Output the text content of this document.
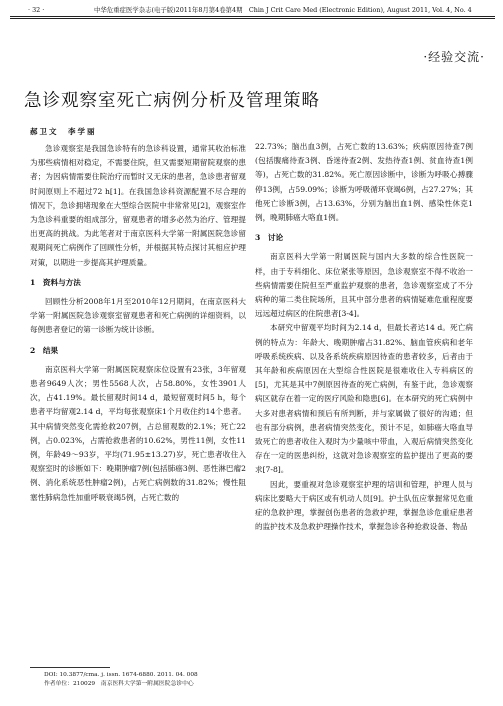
· 32 ·	中华危重症医学杂志(电子版)2011年8月第4卷第4期　Chin J Crit Care Med (Electronic Edition), August 2011, Vol. 4, No. 4
·经验交流·
急诊观察室死亡病例分析及管理策略
郝卫文　李学丽

急诊观察室是我国急诊特有的急诊科设置，通常其收治标准为那些病情相对稳定，不需要住院，但又需要短期留院观察的患者；为因病情需要住院治疗而暂时又无床的患者，急诊患者留观时间原则上不超过72 h[1]。在我国急诊科资源配置不尽合理的情况下，急诊拥堵现象在大型综合医院中非常常见[2]，观察室作为急诊科重要的组成部分，留观患者的增多必然为治疗、管理提出更高的挑战。为此笔者对于南京医科大学第一附属医院急诊留观期间死亡病例作了回顾性分析，并根据其特点探讨其相应护理对策，以期进一步提高其护理质量。

1　资料与方法

回顾性分析2008年1月至2010年12月期间，在南京医科大学第一附属医院急诊观察室留观患者和死亡病例的详细资料，以每例患者登记的第一诊断为统计诊断。

2　结果

南京医科大学第一附属医院观察床位设置有23张，3年留观患者9649人次；男性5568人次，占58.80%，女性3901人次，占41.19%。最长留观时间14 d，最短留观时间5 h，每个患者平均留观2.14 d，平均每张观察床1个月收住约14个患者。其中病情突然变化需抢救207例，占总留观数的2.1%；死亡22例，占0.023%，占需抢救患者的10.62%，男性11例，女性11例，年龄49～93岁，平均(71.95±13.27)岁，死亡患者收住入观察室时的诊断如下：晚期肿瘤7例(包括肺癌3例、恶性淋巴瘤2例、消化系统恶性肿瘤2例)，占死亡病例数的31.82%；慢性阻塞性肺病急性加重呼吸衰竭5例，占死亡数的

22.73%；脑出血3例，占死亡数的13.63%；疾病原因待查7例(包括腹痛待查3例、昏迷待查2例、发热待查1例、贫血待查1例等)，占死亡数的31.82%。死亡原因诊断中，诊断为呼吸心搏骤停13例，占59.09%；诊断为呼吸循环衰竭6例，占27.27%；其他死亡诊断3例，占13.63%，分别为脑出血1例、感染性休克1例，晚期肺癌大咯血1例。

3　讨论

南京医科大学第一附属医院与国内大多数的综合性医院一样，由于专科细化、床位紧张等原因，急诊观察室不得不收治一些病情需要住院但至严重监护观察的患者，急诊观察室成了不分病种的第二类住院场所，且其中部分患者的病情疑难危重程度要远远超过病区的住院患者[3-4]。

本研究中留观平均时间为2.14 d，但最长者达14 d。死亡病例的特点为：年龄大、晚期肿瘤占31.82%、脑血管疾病和老年呼吸系统疾病、以及各系统疾病原因待查的患者较多，后者由于其年龄和疾病原因在大型综合性医院是很难收住入专科病区的[5]，尤其是其中7例原因待查的死亡病例，有鉴于此，急诊观察病区就存在着一定的医疗风险和隐患[6]。在本研究的死亡病例中大多对患者病情和预后有所判断，并与家属做了很好的沟通；但也有部分病例，患者病情突然变化，预计不足，如肺癌大咯血导致死亡的患者收住入观时为少量咳中带血，入观后病情突然变化存在一定的医患纠纷，这就对急诊观察室的监护提出了更高的要求[7-8]。

因此，要重视对急诊观察室护理的培训和管理，护理人员与病床比要略大于病区或有机动人员[9]。护士队伍应掌握常见危重症的急救护理，掌握创伤患者的急救护理，掌握急诊危重症患者的监护技术及急救护理操作技术，掌握急诊各种抢救设备、物品

DOI: 10.3877/cma. j. issn. 1674-6880. 2011. 04. 008
作者单位：210029　南京医科大学第一附属医院急诊中心
